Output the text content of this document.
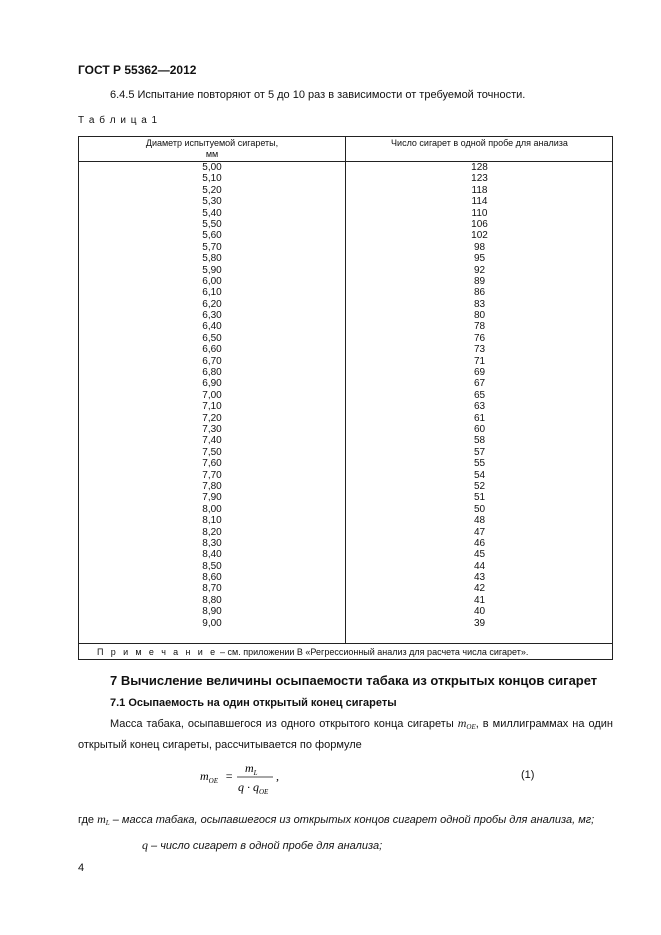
ГОСТ Р 55362—2012
6.4.5 Испытание повторяют от 5 до 10 раз в зависимости от требуемой точности.
Т а б л и ц а 1
Диаметр испытуемой сигареты,
мм
Число сигарет в одной пробе для анализа
5,00
5,10
5,20
5,30
5,40
5,50
5,60
5,70
5,80
5,90
6,00
6,10
6,20
6,30
6,40
6,50
6,60
6,70
6,80
6,90
7,00
7,10
7,20
7,30
7,40
7,50
7,60
7,70
7,80
7,90
8,00
8,10
8,20
8,30
8,40
8,50
8,60
8,70
8,80
8,90
9,00
128
123
118
114
110
106
102
98
95
92
89
86
83
80
78
76
73
71
69
67
65
63
61
60
58
57
55
54
52
51
50
48
47
46
45
44
43
42
41
40
39
П р и м е ч а н и е – см. приложении В «Регрессионный анализ для расчета числа сигарет».
7 Вычисление величины осыпаемости табака из открытых концов сигарет
7.1 Осыпаемость на один открытый конец сигареты
Масса табака, осыпавшегося из одного открытого конца сигареты $m_{OE}$, в миллиграммах на один открытый конец сигареты, рассчитывается по формуле
$m_{OE}$ =
$m_L$
$q \cdot q_{OE}$
,	(1)
где $m_L$ – масса табака, осыпавшегося из открытых концов сигарет одной пробы для анализа, мг;
q – число сигарет в одной пробе для анализа;
4
